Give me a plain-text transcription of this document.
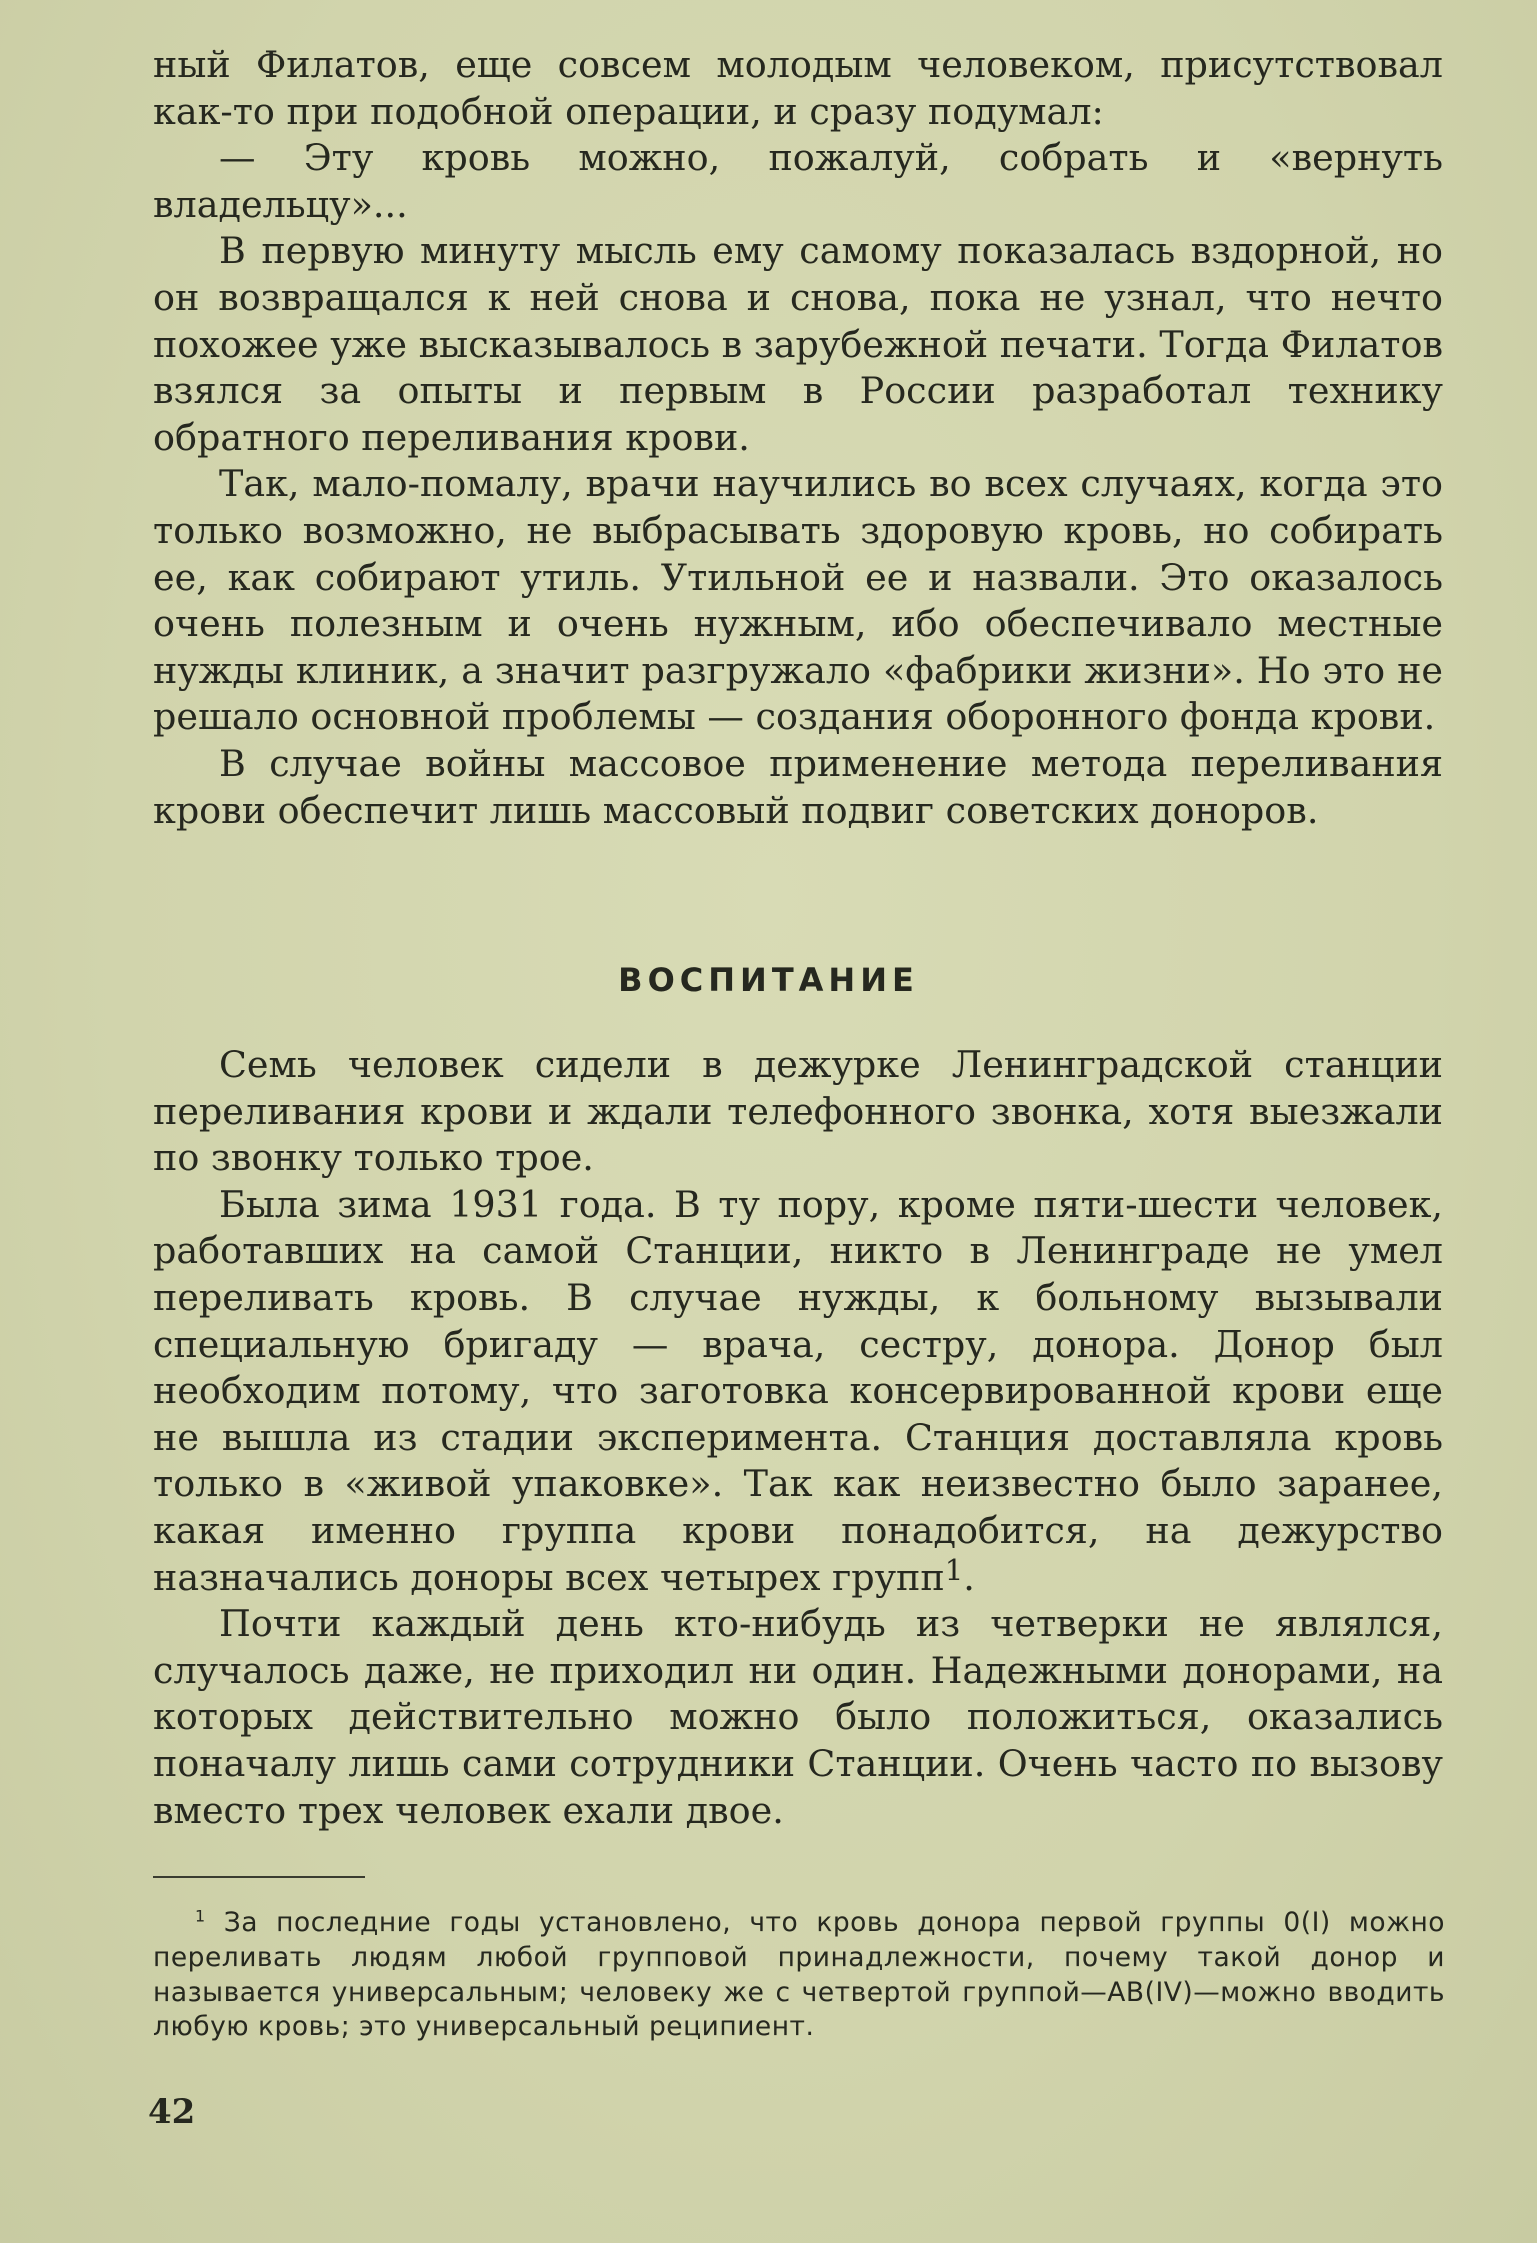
ный Филатов, еще совсем молодым человеком, присутствовал как-то при подобной операции, и сразу подумал:

— Эту кровь можно, пожалуй, собрать и «вернуть владельцу»...

В первую минуту мысль ему самому показалась вздорной, но он возвращался к ней снова и снова, пока не узнал, что нечто похожее уже высказывалось в зарубежной печати. Тогда Филатов взялся за опыты и первым в России разработал технику обратного переливания крови.

Так, мало-помалу, врачи научились во всех случаях, когда это только возможно, не выбрасывать здоровую кровь, но собирать ее, как собирают утиль. Утильной ее и назвали. Это оказалось очень полезным и очень нужным, ибо обеспечивало местные нужды клиник, а значит разгружало «фабрики жизни». Но это не решало основной проблемы — создания оборонного фонда крови.

В случае войны массовое применение метода переливания крови обеспечит лишь массовый подвиг советских доноров.

ВОСПИТАНИЕ

Семь человек сидели в дежурке Ленинградской станции переливания крови и ждали телефонного звонка, хотя выезжали по звонку только трое.

Была зима 1931 года. В ту пору, кроме пяти-шести человек, работавших на самой Станции, никто в Ленинграде не умел переливать кровь. В случае нужды, к больному вызывали специальную бригаду — врача, сестру, донора. Донор был необходим потому, что заготовка консервированной крови еще не вышла из стадии эксперимента. Станция доставляла кровь только в «живой упаковке». Так как неизвестно было заранее, какая именно группа крови понадобится, на дежурство назначались доноры всех четырех групп$^1$.

Почти каждый день кто-нибудь из четверки не являлся, случалось даже, не приходил ни один. Надежными донорами, на которых действительно можно было положиться, оказались поначалу лишь сами сотрудники Станции. Очень часто по вызову вместо трех человек ехали двое.

$^1$ За последние годы установлено, что кровь донора первой группы 0(I) можно переливать людям любой групповой принадлежности, почему такой донор и называется универсальным; человеку же с четвертой группой—AB(IV)—можно вводить любую кровь; это универсальный реципиент.

42
